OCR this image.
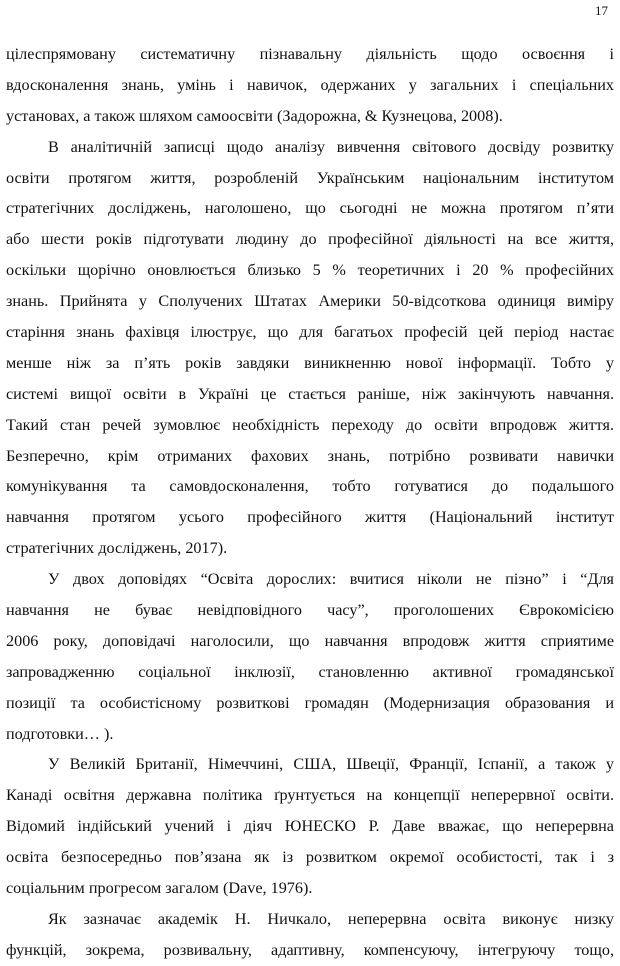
17
цілеспрямовану систематичну пізнавальну діяльність щодо освоєння і
вдосконалення знань, умінь і навичок, одержаних у загальних і спеціальних
установах, а також шляхом самоосвіти (Задорожна, & Кузнецова, 2008).
В аналітичній записці щодо аналізу вивчення світового досвіду розвитку
освіти протягом життя, розробленій Українським національним інститутом
стратегічних досліджень, наголошено, що сьогодні не можна протягом п’яти
або шести років підготувати людину до професійної діяльності на все життя,
оскільки щорічно оновлюється близько 5 % теоретичних і 20 % професійних
знань. Прийнята у Сполучених Штатах Америки 50-відсоткова одиниця виміру
старіння знань фахівця ілюструє, що для багатьох професій цей період настає
менше ніж за п’ять років завдяки виникненню нової інформації. Тобто у
системі вищої освіти в Україні це стається раніше, ніж закінчують навчання.
Такий стан речей зумовлює необхідність переходу до освіти впродовж життя.
Безперечно, крім отриманих фахових знань, потрібно розвивати навички
комунікування та самовдосконалення, тобто готуватися до подальшого
навчання протягом усього професійного життя (Національний інститут
стратегічних досліджень, 2017).
У двох доповідях “Освіта дорослих: вчитися ніколи не пізно” і “Для
навчання не буває невідповідного часу”, проголошених Єврокомісією
2006 року, доповідачі наголосили, що навчання впродовж життя сприятиме
запровадженню соціальної інклюзії, становленню активної громадянської
позиції та особистісному розвиткові громадян (Модернизация образования и
подготовки… ).
У Великій Британії, Німеччині, США, Швеції, Франції, Іспанії, а також у
Канаді освітня державна політика ґрунтується на концепції неперервної освіти.
Відомий індійський учений і діяч ЮНЕСКО Р. Даве вважає, що неперервна
освіта безпосередньо пов’язана як із розвитком окремої особистості, так і з
соціальним прогресом загалом (Dave, 1976).
Як зазначає академік Н. Ничкало, неперервна освіта виконує низку
функцій, зокрема, розвивальну, адаптивну, компенсуючу, інтегруючу тощо,
